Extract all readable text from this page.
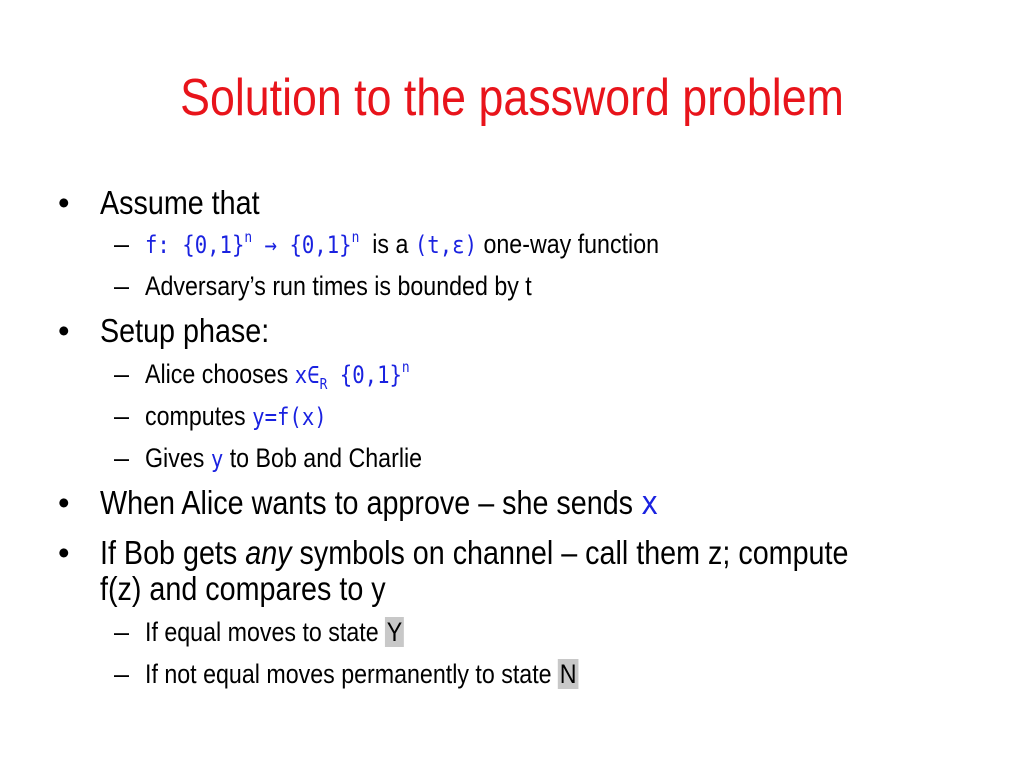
Solution to the password problem
• Assume that
– f: $\{0,1\}^n \to \{0,1\}^n$ is a (t,ε) one-way function
– Adversary’s run times is bounded by t
• Setup phase:
– Alice chooses $x\in_R$ $\{0,1\}^n$
– computes y=f(x)
– Gives y to Bob and Charlie
• When Alice wants to approve – she sends x
• If Bob gets any symbols on channel – call them z; compute
f(z) and compares to y
– If equal moves to state Y
– If not equal moves permanently to state N
